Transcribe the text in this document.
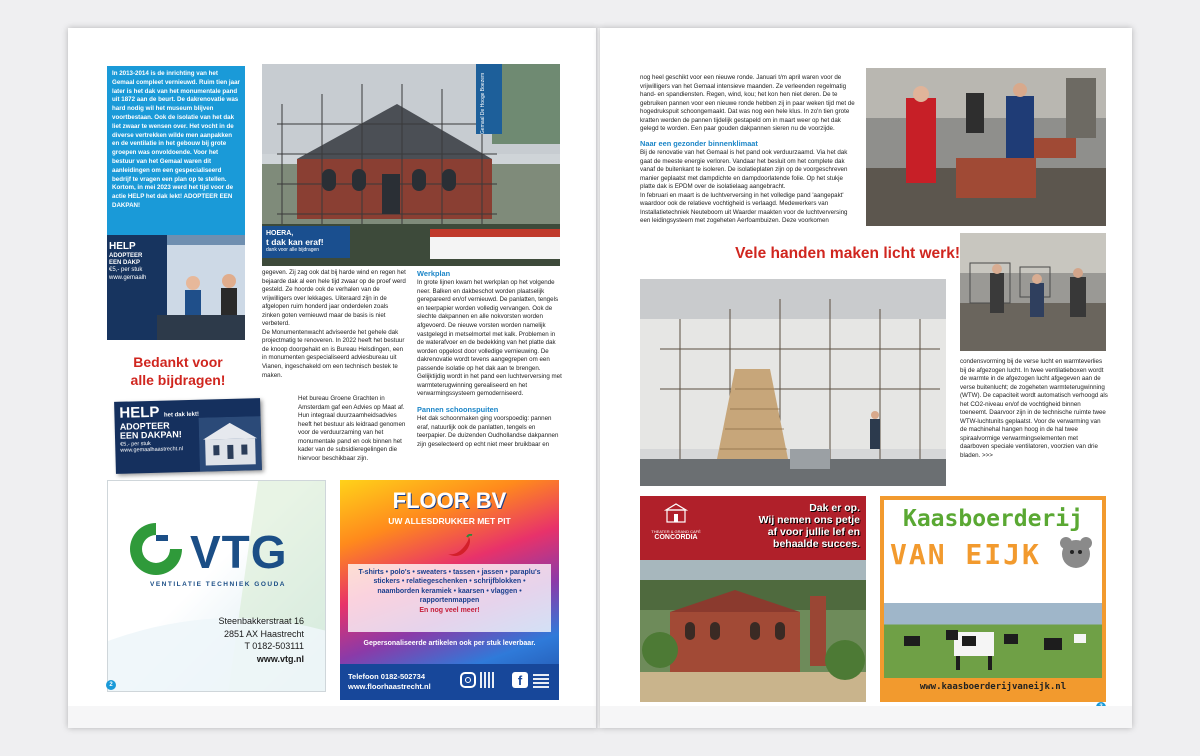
In 2013-2014 is de inrichting van het Gemaal compleet vernieuwd. Ruim tien jaar later is het dak van het monumentale pand uit 1872 aan de beurt. De dakrenovatie was hard nodig wil het museum blijven voortbestaan. Ook de isolatie van het dak liet zwaar te wensen over. Het vocht in de diverse vertrekken wilde men aanpakken en de ventilatie in het gebouw bij grote groepen was onvoldoende. Voor het bestuur van het Gemaal waren dit aanleidingen om een gespecialiseerd bedrijf te vragen een plan op te stellen. Kortom, in mei 2023 werd het tijd voor de actie HELP het dak lekt! ADOPTEER EEN DAKPAN!
HOERA,
t dak kan eraf!
dank voor alle bijdragen
Gemaal De Hooge Boezem
HELP
ADOPTEER
EEN DAKP
€5,- per stuk
www.gemaalh

gegeven. Zij zag ook dat bij harde wind en regen het bejaarde dak al een hele tijd zwaar op de proef werd gesteld. Ze hoorde ook de verhalen van de vrijwilligers over lekkages. Uiteraard zijn in de afgelopen ruim honderd jaar onderdelen zoals zinken goten vernieuwd maar de basis is niet verbeterd.

De Monumentenwacht adviseerde het gehele dak projectmatig te renoveren. In 2022 heeft het bestuur de knoop doorgehakt en is Bureau Helsdingen, een in monumenten gespecialiseerd adviesbureau uit Vianen, ingeschakeld om een technisch bestek te maken.

Het bureau Groene Grachten in Amsterdam gaf een Advies op Maat af. Hun integraal duurzaamheidsadvies heeft het bestuur als leidraad genomen voor de verduurzaming van het monumentale pand en ook binnen het kader van de subsidieregelingen die hiervoor beschikbaar zijn.

Werkplan

In grote lijnen kwam het werkplan op het volgende neer. Balken en dakbeschot worden plaatselijk gerepareerd en/of vernieuwd. De panlatten, tengels en teerpapier worden volledig vervangen. Ook de slechte dakpannen en alle nokvorsten worden afgevoerd. De nieuwe vorsten worden namelijk vastgelegd in metselmortel met kalk. Problemen in de waterafvoer en de bedekking van het platte dak worden opgelost door volledige vernieuwing. De dakrenovatie wordt tevens aangegrepen om een passende isolatie op het dak aan te brengen. Gelijktijdig wordt in het pand een luchtverversing met warmteterugwinning gerealiseerd en het verwarmingssysteem gemoderniseerd.

Pannen schoonspuiten

Het dak schoonmaken ging voorspoedig: pannen eraf, natuurlijk ook de panlatten, tengels en teerpapier. De duizenden Oudhollandse dakpannen zijn geselecteerd op echt niet meer bruikbaar en

Bedankt voor
alle bijdragen!
HELP het dak lekt!
ADOPTEER
EEN DAKPAN!
€5,- per stuk
www.gemaalhaastrecht.nl
VTG
VENTILATIE TECHNIEK GOUDA
Steenbakkerstraat 16
2851 AX Haastrecht
T 0182-503111
www.vtg.nl
FLOOR BV
UW ALLESDRUKKER MET PIT
T-shirts • polo's • sweaters • tassen • jassen • paraplu's stickers • relatiegeschenken • schrijfblokken • naamborden keramiek • kaarsen • vlaggen • rapportenmappen
En nog veel meer!
Gepersonaliseerde artikelen ook per stuk leverbaar.
Telefoon 0182-502734
www.floorhaastrecht.nl	f
2

nog heel geschikt voor een nieuwe ronde. Januari t/m april waren voor de vrijwilligers van het Gemaal intensieve maanden. Ze verleenden regelmatig hand- en spandiensten. Regen, wind, kou; het kon hen niet deren. De te gebruiken pannen voor een nieuwe ronde hebben zij in paar weken tijd met de hogedrukspuit schoongemaakt. Dat was nog een hele klus. In zo'n tien grote kratten werden de pannen tijdelijk gestapeld om in maart weer op het dak gelegd te worden. Een paar gouden dakpannen sieren nu de voorzijde.

Naar een gezonder binnenklimaat

Bij de renovatie van het Gemaal is het pand ook verduurzaamd. Via het dak gaat de meeste energie verloren. Vandaar het besluit om het complete dak vanaf de buitenkant te isoleren. De isolatieplaten zijn op de voorgeschreven manier geplaatst met dampdichte en dampdoorlatende folie. Op het stukje platte dak is EPDM over de isolatielaag aangebracht.

In februari en maart is de luchtverversing in het volledige pand 'aangepakt' waardoor ook de relatieve vochtigheid is verlaagd. Medewerkers van Installatietechniek Neuteboom uit Waarder maakten voor de luchtverversing een leidingsysteem met zogeheten Aerfoambuizen. Deze voorkomen

Vele handen maken licht werk!

condensvorming bij de verse lucht en warmteverlies bij de afgezogen lucht. In twee ventilatieboxen wordt de warmte in de afgezogen lucht afgegeven aan de verse buitenlucht; de zogeheten warmteterugwinning (WTW). De capaciteit wordt automatisch verhoogd als het CO2-niveau en/of de vochtigheid binnen toeneemt. Daarvoor zijn in de technische ruimte twee WTW-luchtunits geplaatst. Voor de verwarming van de machinehal hangen hoog in de hal twee spiraalvormige verwarmingselementen met daarboven speciale ventilatoren, voorzien van drie bladen. >>>

THEATER & GRAND CAFÉ
CONCORDIA
Dak er op.
Wij nemen ons petje
af voor jullie lef en
behaalde succes.
Kaasboerderij
VAN EIJK
www.kaasboerderijvaneijk.nl
